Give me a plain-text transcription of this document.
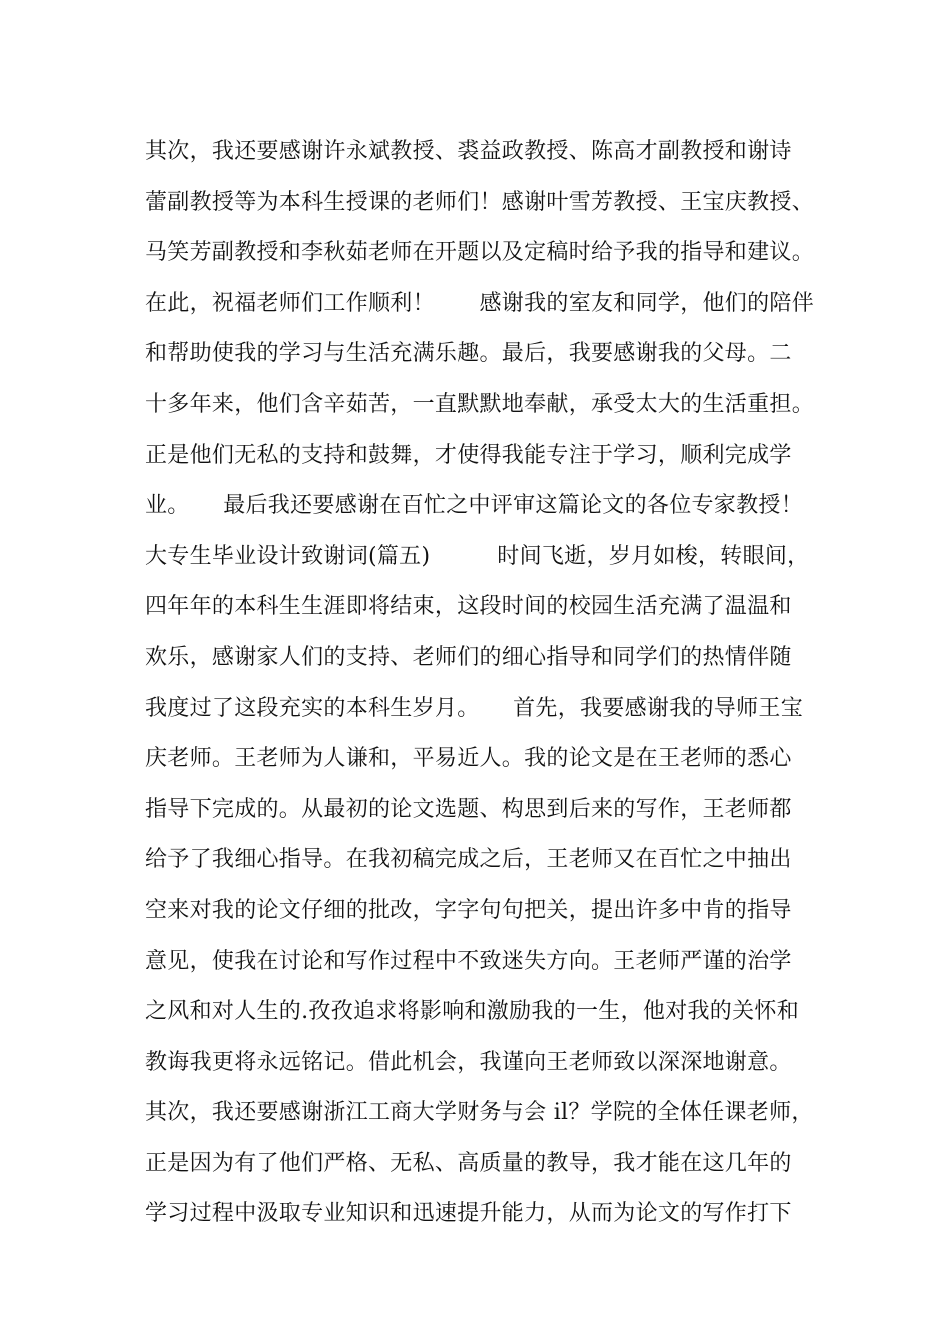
其次，我还要感谢许永斌教授、裘益政教授、陈高才副教授和谢诗
蕾副教授等为本科生授课的老师们！感谢叶雪芳教授、王宝庆教授、
马笑芳副教授和李秋茹老师在开题以及定稿时给予我的指导和建议。
在此，祝福老师们工作顺利！　　感谢我的室友和同学，他们的陪伴
和帮助使我的学习与生活充满乐趣。最后，我要感谢我的父母。二
十多年来，他们含辛茹苦，一直默默地奉献，承受太大的生活重担。
正是他们无私的支持和鼓舞，才使得我能专注于学习，顺利完成学
业。　　最后我还要感谢在百忙之中评审这篇论文的各位专家教授！
大专生毕业设计致谢词(篇五)　　　时间飞逝，岁月如梭，转眼间，
四年年的本科生生涯即将结束，这段时间的校园生活充满了温温和
欢乐，感谢家人们的支持、老师们的细心指导和同学们的热情伴随
我度过了这段充实的本科生岁月。　　首先，我要感谢我的导师王宝
庆老师。王老师为人谦和，平易近人。我的论文是在王老师的悉心
指导下完成的。从最初的论文选题、构思到后来的写作，王老师都
给予了我细心指导。在我初稿完成之后，王老师又在百忙之中抽出
空来对我的论文仔细的批改，字字句句把关，提出许多中肯的指导
意见，使我在讨论和写作过程中不致迷失方向。王老师严谨的治学
之风和对人生的.孜孜追求将影响和激励我的一生，他对我的关怀和
教诲我更将永远铭记。借此机会，我谨向王老师致以深深地谢意。
其次，我还要感谢浙江工商大学财务与会 il？学院的全体任课老师，
正是因为有了他们严格、无私、高质量的教导，我才能在这几年的
学习过程中汲取专业知识和迅速提升能力，从而为论文的写作打下
